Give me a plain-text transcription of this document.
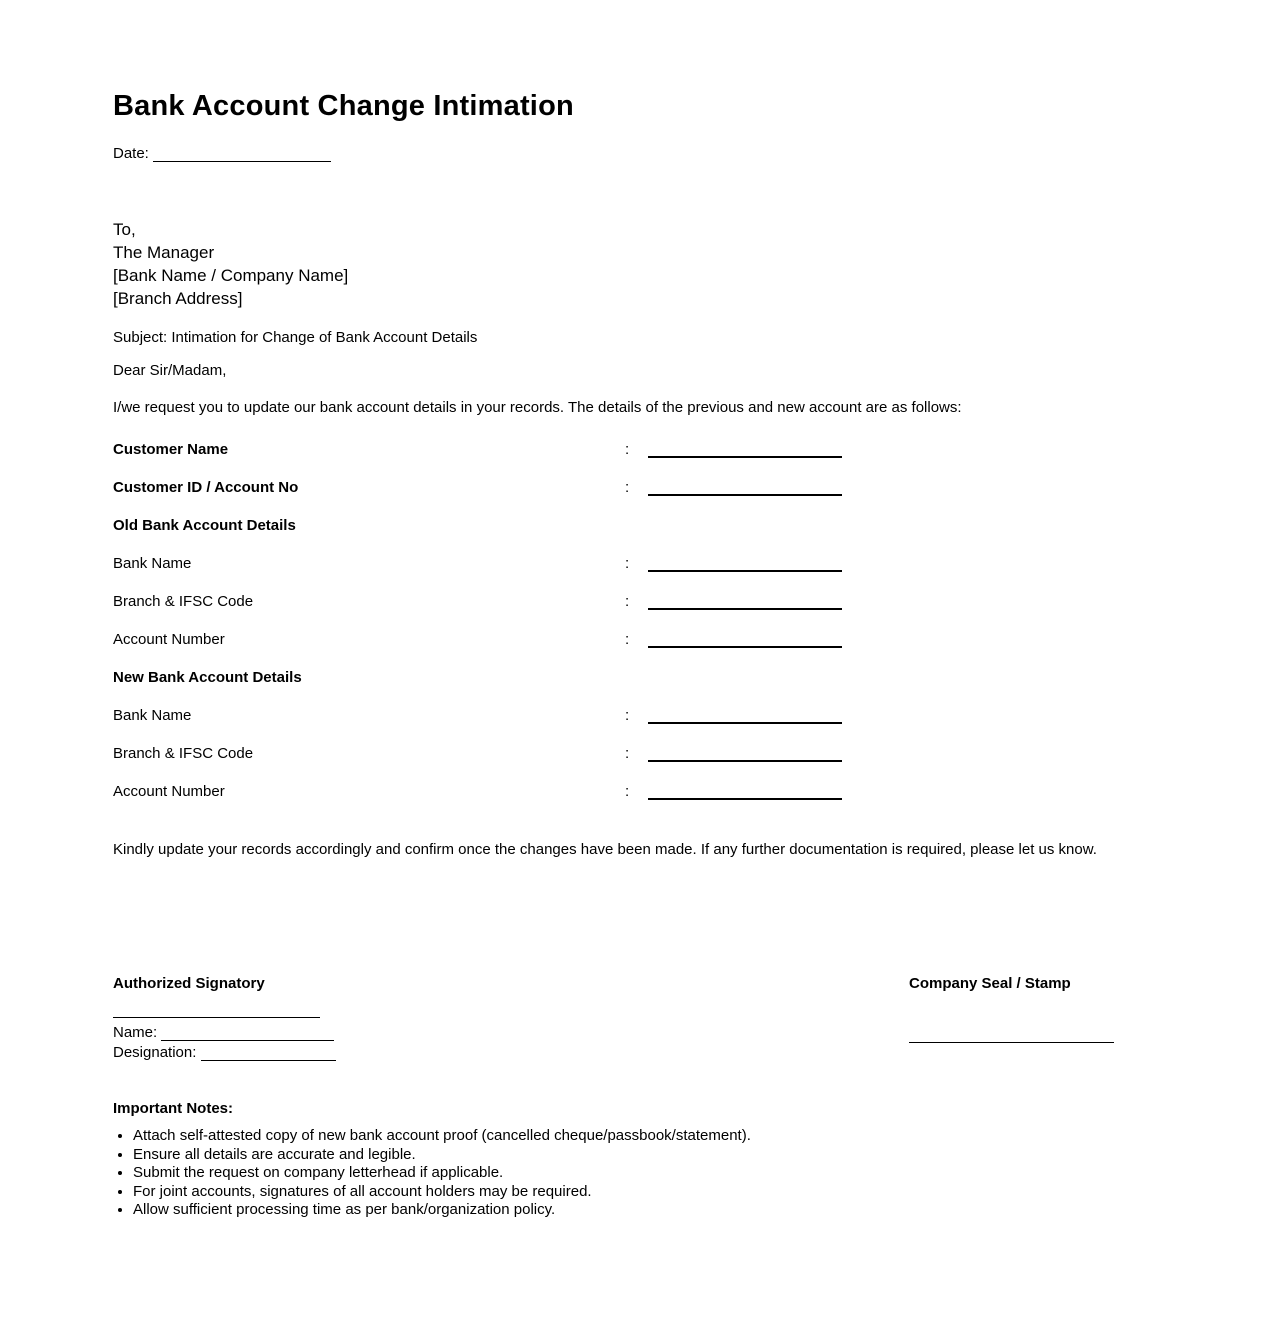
Bank Account Change Intimation

Date:

To,

The Manager

[Bank Name / Company Name]

[Branch Address]

Subject: Intimation for Change of Bank Account Details

Dear Sir/Madam,

I/we request you to update our bank account details in your records. The details of the previous and new account are as follows:

Customer Name	:
Customer ID / Account No	:
Old Bank Account Details
Bank Name	:
Branch & IFSC Code	:
Account Number	:
New Bank Account Details
Bank Name	:
Branch & IFSC Code	:
Account Number	:

Kindly update your records accordingly and confirm once the changes have been made. If any further documentation is required, please let us know.

Authorized Signatory

Name:

Designation:

Company Seal / Stamp

Important Notes:

• Attach self-attested copy of new bank account proof (cancelled cheque/passbook/statement).
• Ensure all details are accurate and legible.
• Submit the request on company letterhead if applicable.
• For joint accounts, signatures of all account holders may be required.
• Allow sufficient processing time as per bank/organization policy.
